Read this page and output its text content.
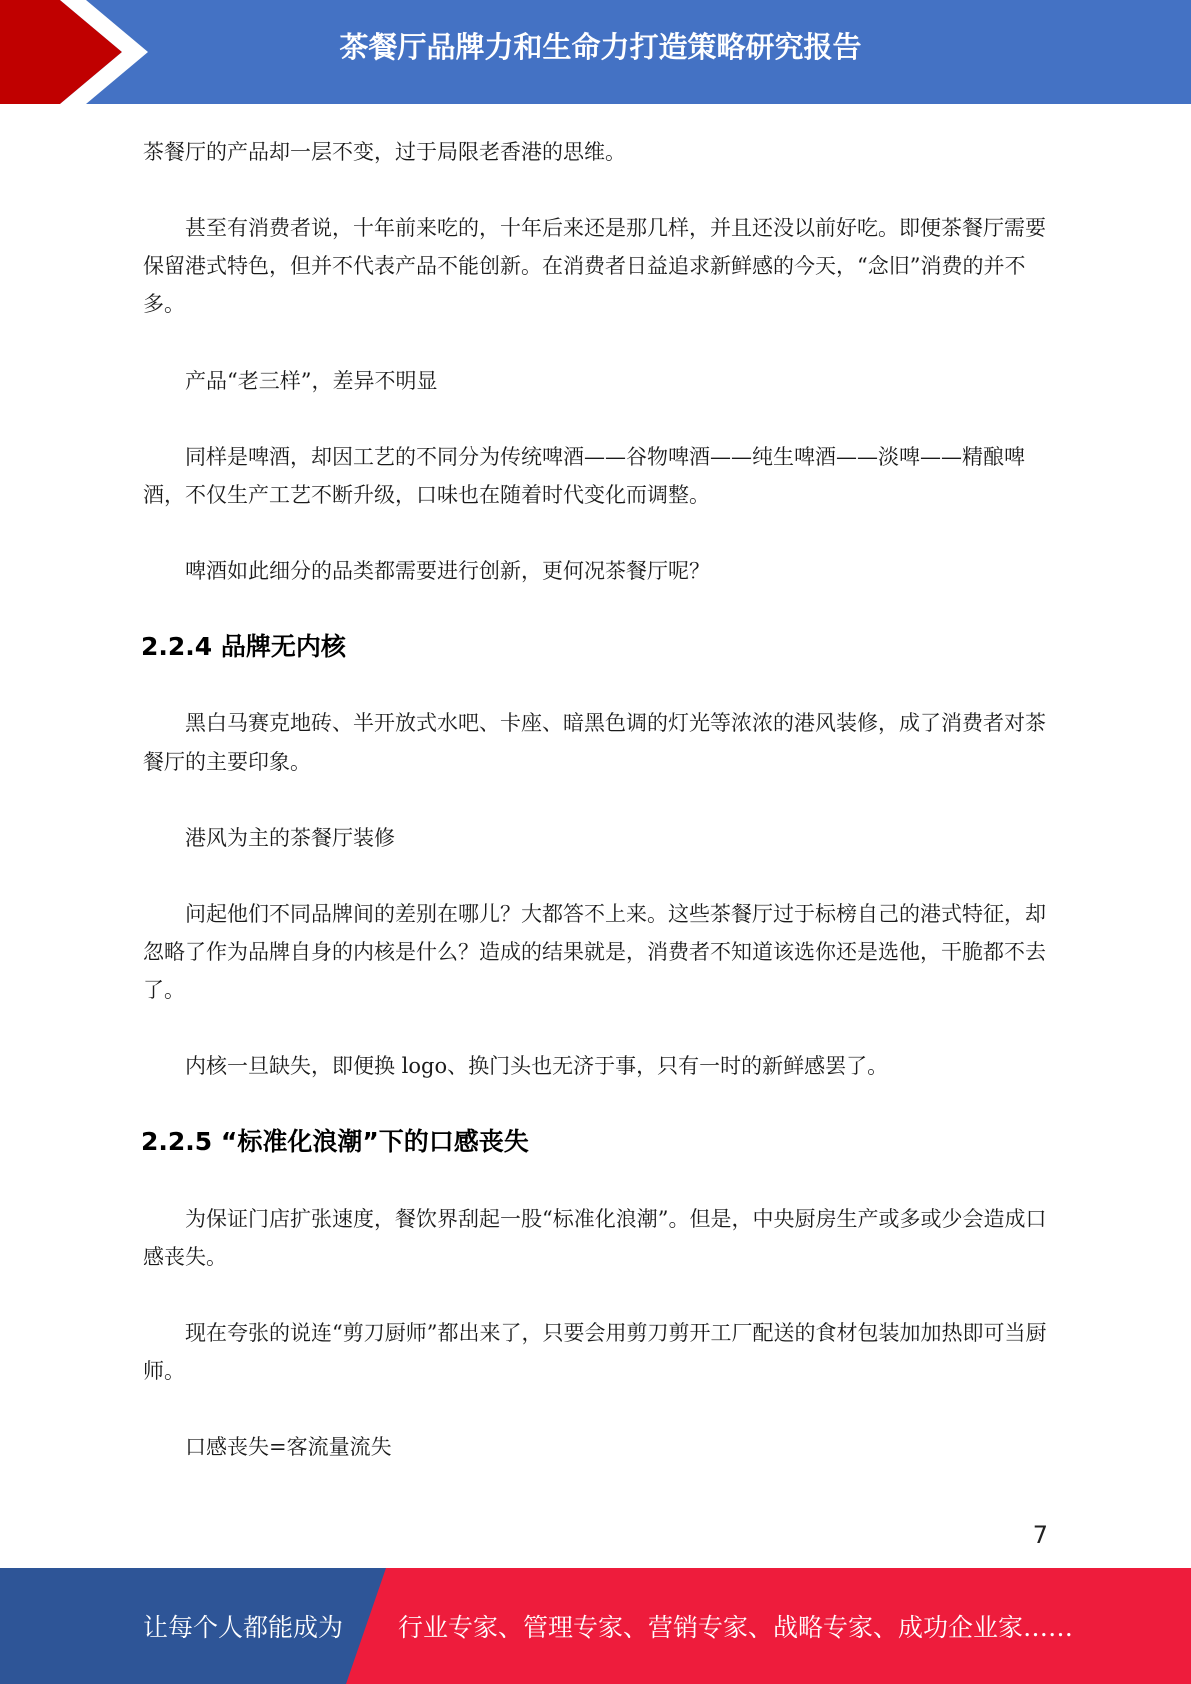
茶餐厅品牌力和生命力打造策略研究报告

茶餐厅的产品却一层不变，过于局限老香港的思维。

甚至有消费者说，十年前来吃的，十年后来还是那几样，并且还没以前好吃。即便茶餐厅需要保留港式特色，但并不代表产品不能创新。在消费者日益追求新鲜感的今天，“念旧”消费的并不多。

产品“老三样”，差异不明显

同样是啤酒，却因工艺的不同分为传统啤酒——谷物啤酒——纯生啤酒——淡啤——精酿啤酒，不仅生产工艺不断升级，口味也在随着时代变化而调整。

啤酒如此细分的品类都需要进行创新，更何况茶餐厅呢？

2.2.4 品牌无内核

黑白马赛克地砖、半开放式水吧、卡座、暗黑色调的灯光等浓浓的港风装修，成了消费者对茶餐厅的主要印象。

港风为主的茶餐厅装修

问起他们不同品牌间的差别在哪儿？大都答不上来。这些茶餐厅过于标榜自己的港式特征，却忽略了作为品牌自身的内核是什么？造成的结果就是，消费者不知道该选你还是选他，干脆都不去了。

内核一旦缺失，即便换 logo、换门头也无济于事，只有一时的新鲜感罢了。

2.2.5 “标准化浪潮”下的口感丧失

为保证门店扩张速度，餐饮界刮起一股“标准化浪潮”。但是，中央厨房生产或多或少会造成口感丧失。

现在夸张的说连“剪刀厨师”都出来了，只要会用剪刀剪开工厂配送的食材包装加加热即可当厨师。

口感丧失=客流量流失

7
让每个人都能成为 行业专家、管理专家、营销专家、战略专家、成功企业家……
